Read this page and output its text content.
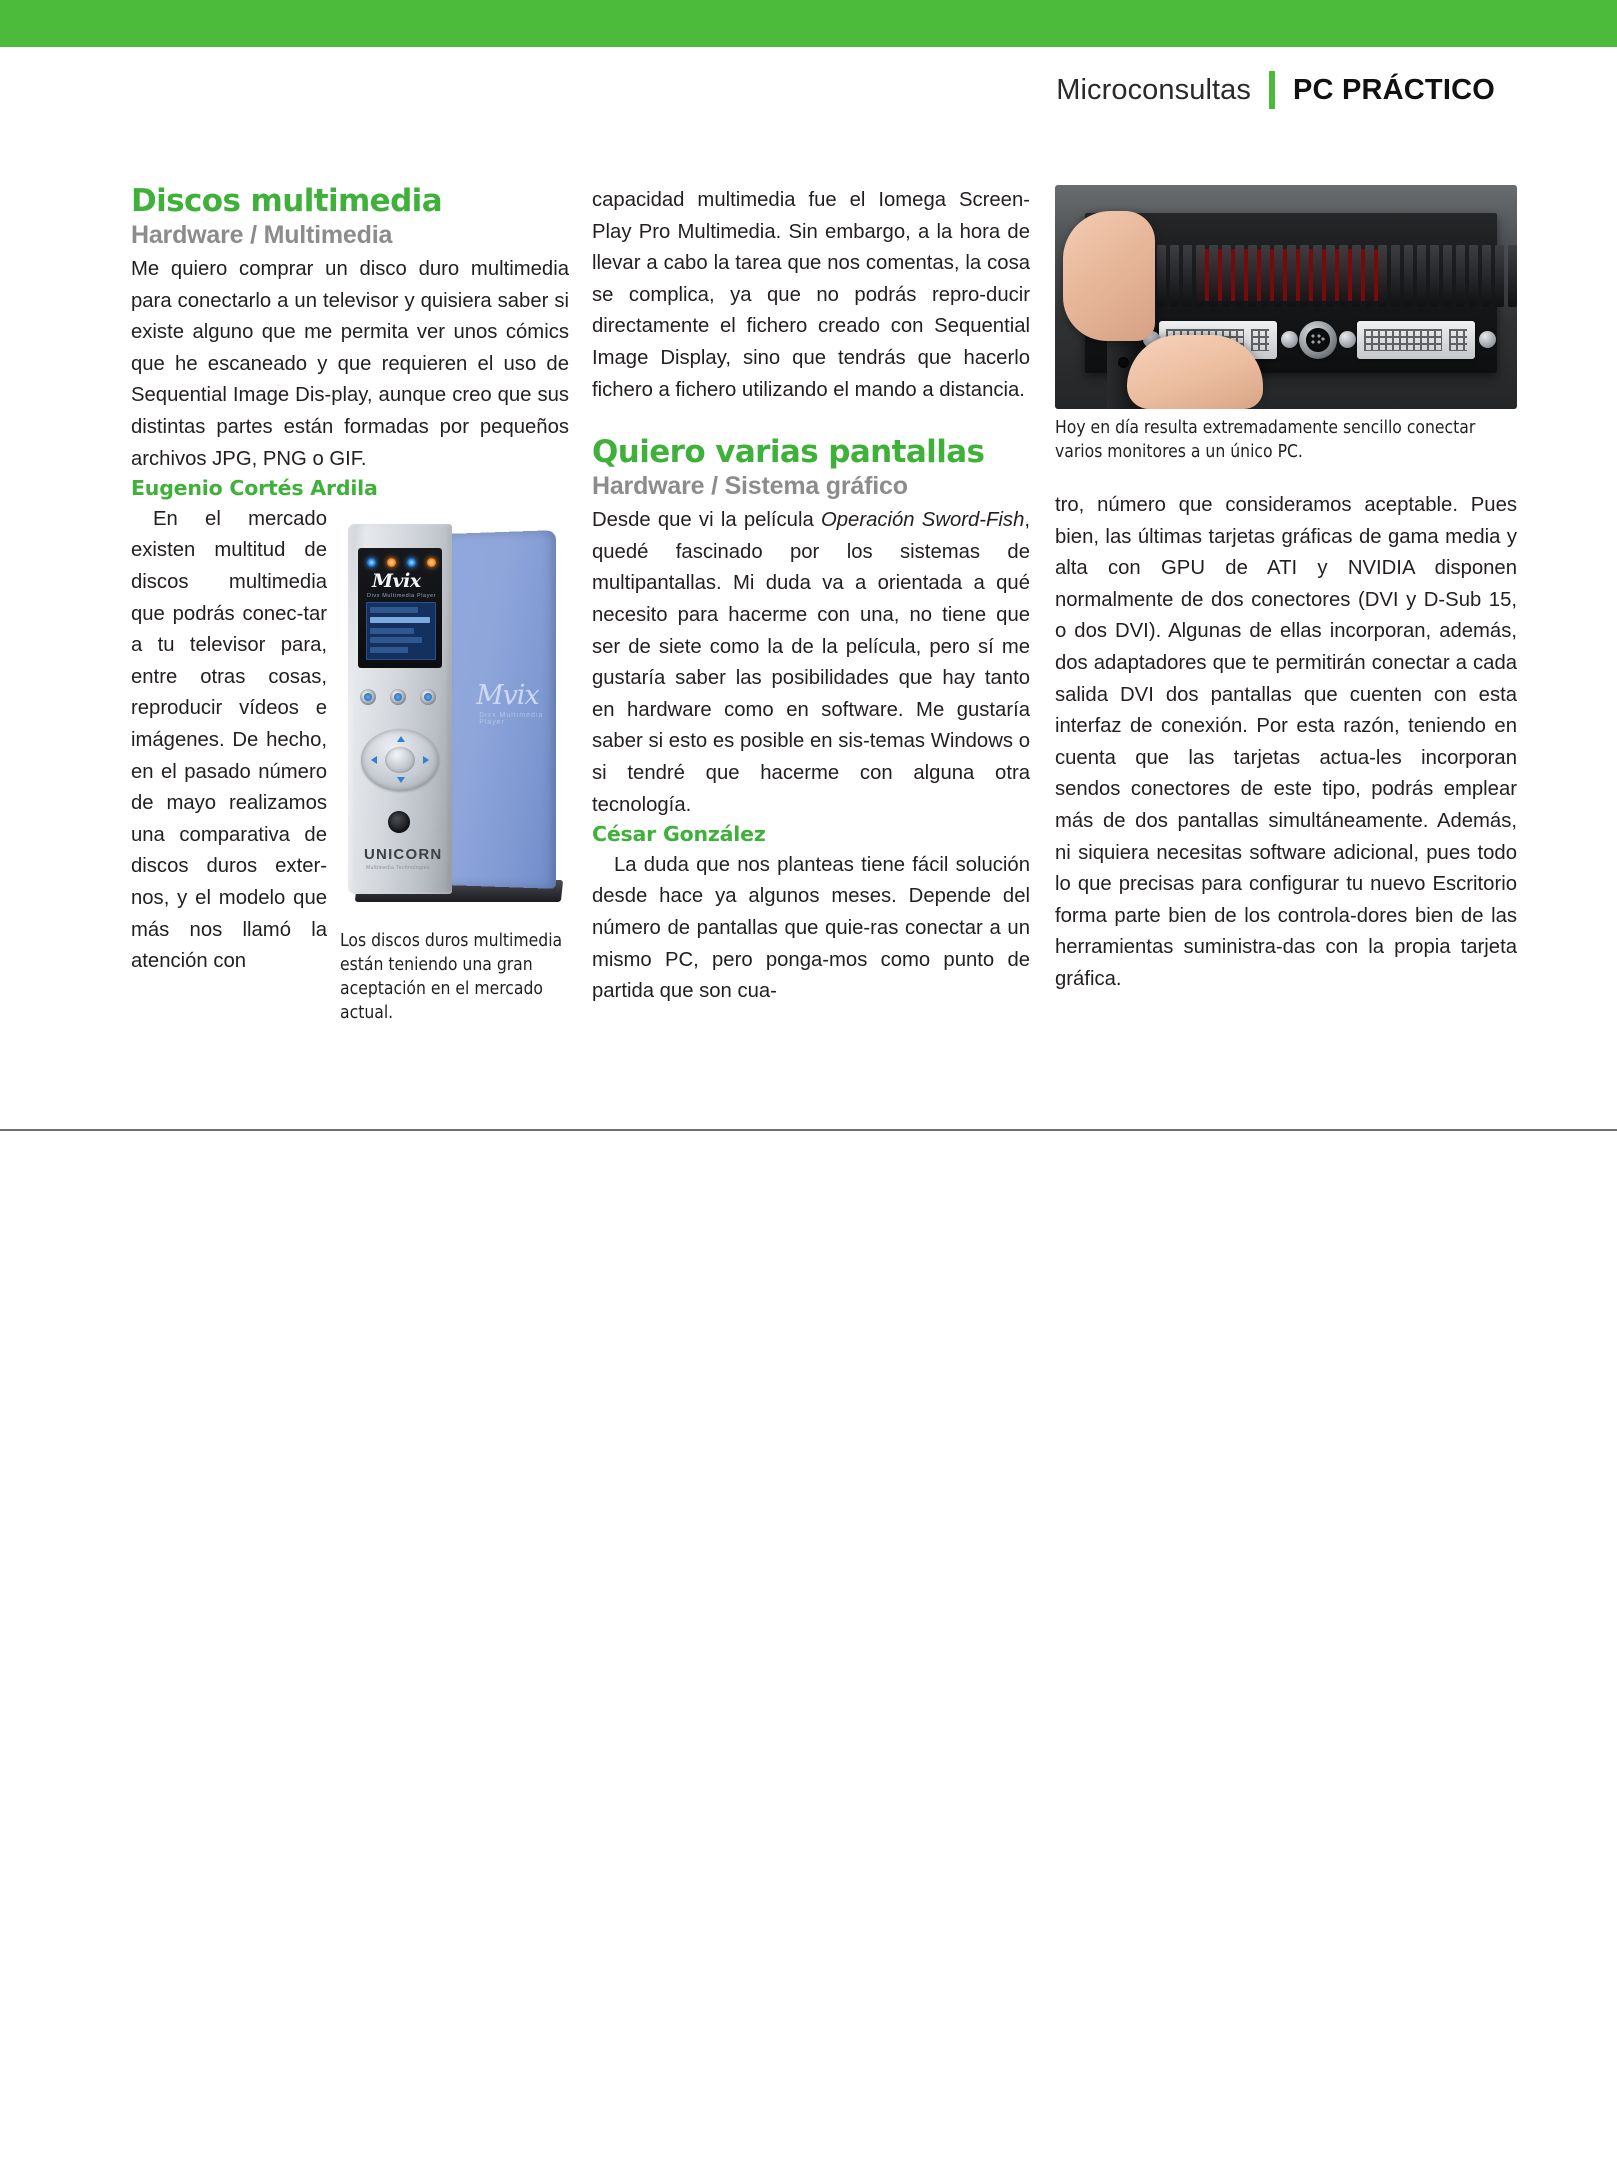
Microconsultas PC PRÁCTICO
Discos multimedia
Hardware / Multimedia

Me quiero comprar un disco duro multimedia para conectarlo a un televisor y quisiera saber si existe alguno que me permita ver unos cómics que he escaneado y que requieren el uso de Sequential Image Dis-play, aunque creo que sus distintas partes están formadas por pequeños archivos JPG, PNG o GIF.

Eugenio Cortés Ardila
Mvix
Divx Multimedia Player
Mvix
Divx Multimedia Player
UNICORN
Multimedia Technologies
Los discos duros multimedia están teniendo una gran aceptación en el mercado actual.

En el mercado existen multitud de discos multimedia que podrás conec-tar a tu televisor para, entre otras cosas, reproducir vídeos e imágenes. De hecho, en el pasado número de mayo realizamos una comparativa de discos duros exter-nos, y el modelo que más nos llamó la atención con

capacidad multimedia fue el Iomega Screen-Play Pro Multimedia. Sin embargo, a la hora de llevar a cabo la tarea que nos comentas, la cosa se complica, ya que no podrás repro-ducir directamente el fichero creado con Sequential Image Display, sino que tendrás que hacerlo fichero a fichero utilizando el mando a distancia.

Quiero varias pantallas
Hardware / Sistema gráfico

Desde que vi la película Operación Sword-Fish, quedé fascinado por los sistemas de multipantallas. Mi duda va a orientada a qué necesito para hacerme con una, no tiene que ser de siete como la de la película, pero sí me gustaría saber las posibilidades que hay tanto en hardware como en software. Me gustaría saber si esto es posible en sis-temas Windows o si tendré que hacerme con alguna otra tecnología.

César González

La duda que nos planteas tiene fácil solución desde hace ya algunos meses. Depende del número de pantallas que quie-ras conectar a un mismo PC, pero ponga-mos como punto de partida que son cua-

Hoy en día resulta extremadamente sencillo conectar varios monitores a un único PC.

tro, número que consideramos aceptable. Pues bien, las últimas tarjetas gráficas de gama media y alta con GPU de ATI y NVIDIA disponen normalmente de dos conectores (DVI y D-Sub 15, o dos DVI). Algunas de ellas incorporan, además, dos adaptadores que te permitirán conectar a cada salida DVI dos pantallas que cuenten con esta interfaz de conexión. Por esta razón, teniendo en cuenta que las tarjetas actua-les incorporan sendos conectores de este tipo, podrás emplear más de dos pantallas simultáneamente. Además, ni siquiera necesitas software adicional, pues todo lo que precisas para configurar tu nuevo Escritorio forma parte bien de los controla-dores bien de las herramientas suministra-das con la propia tarjeta gráfica.
